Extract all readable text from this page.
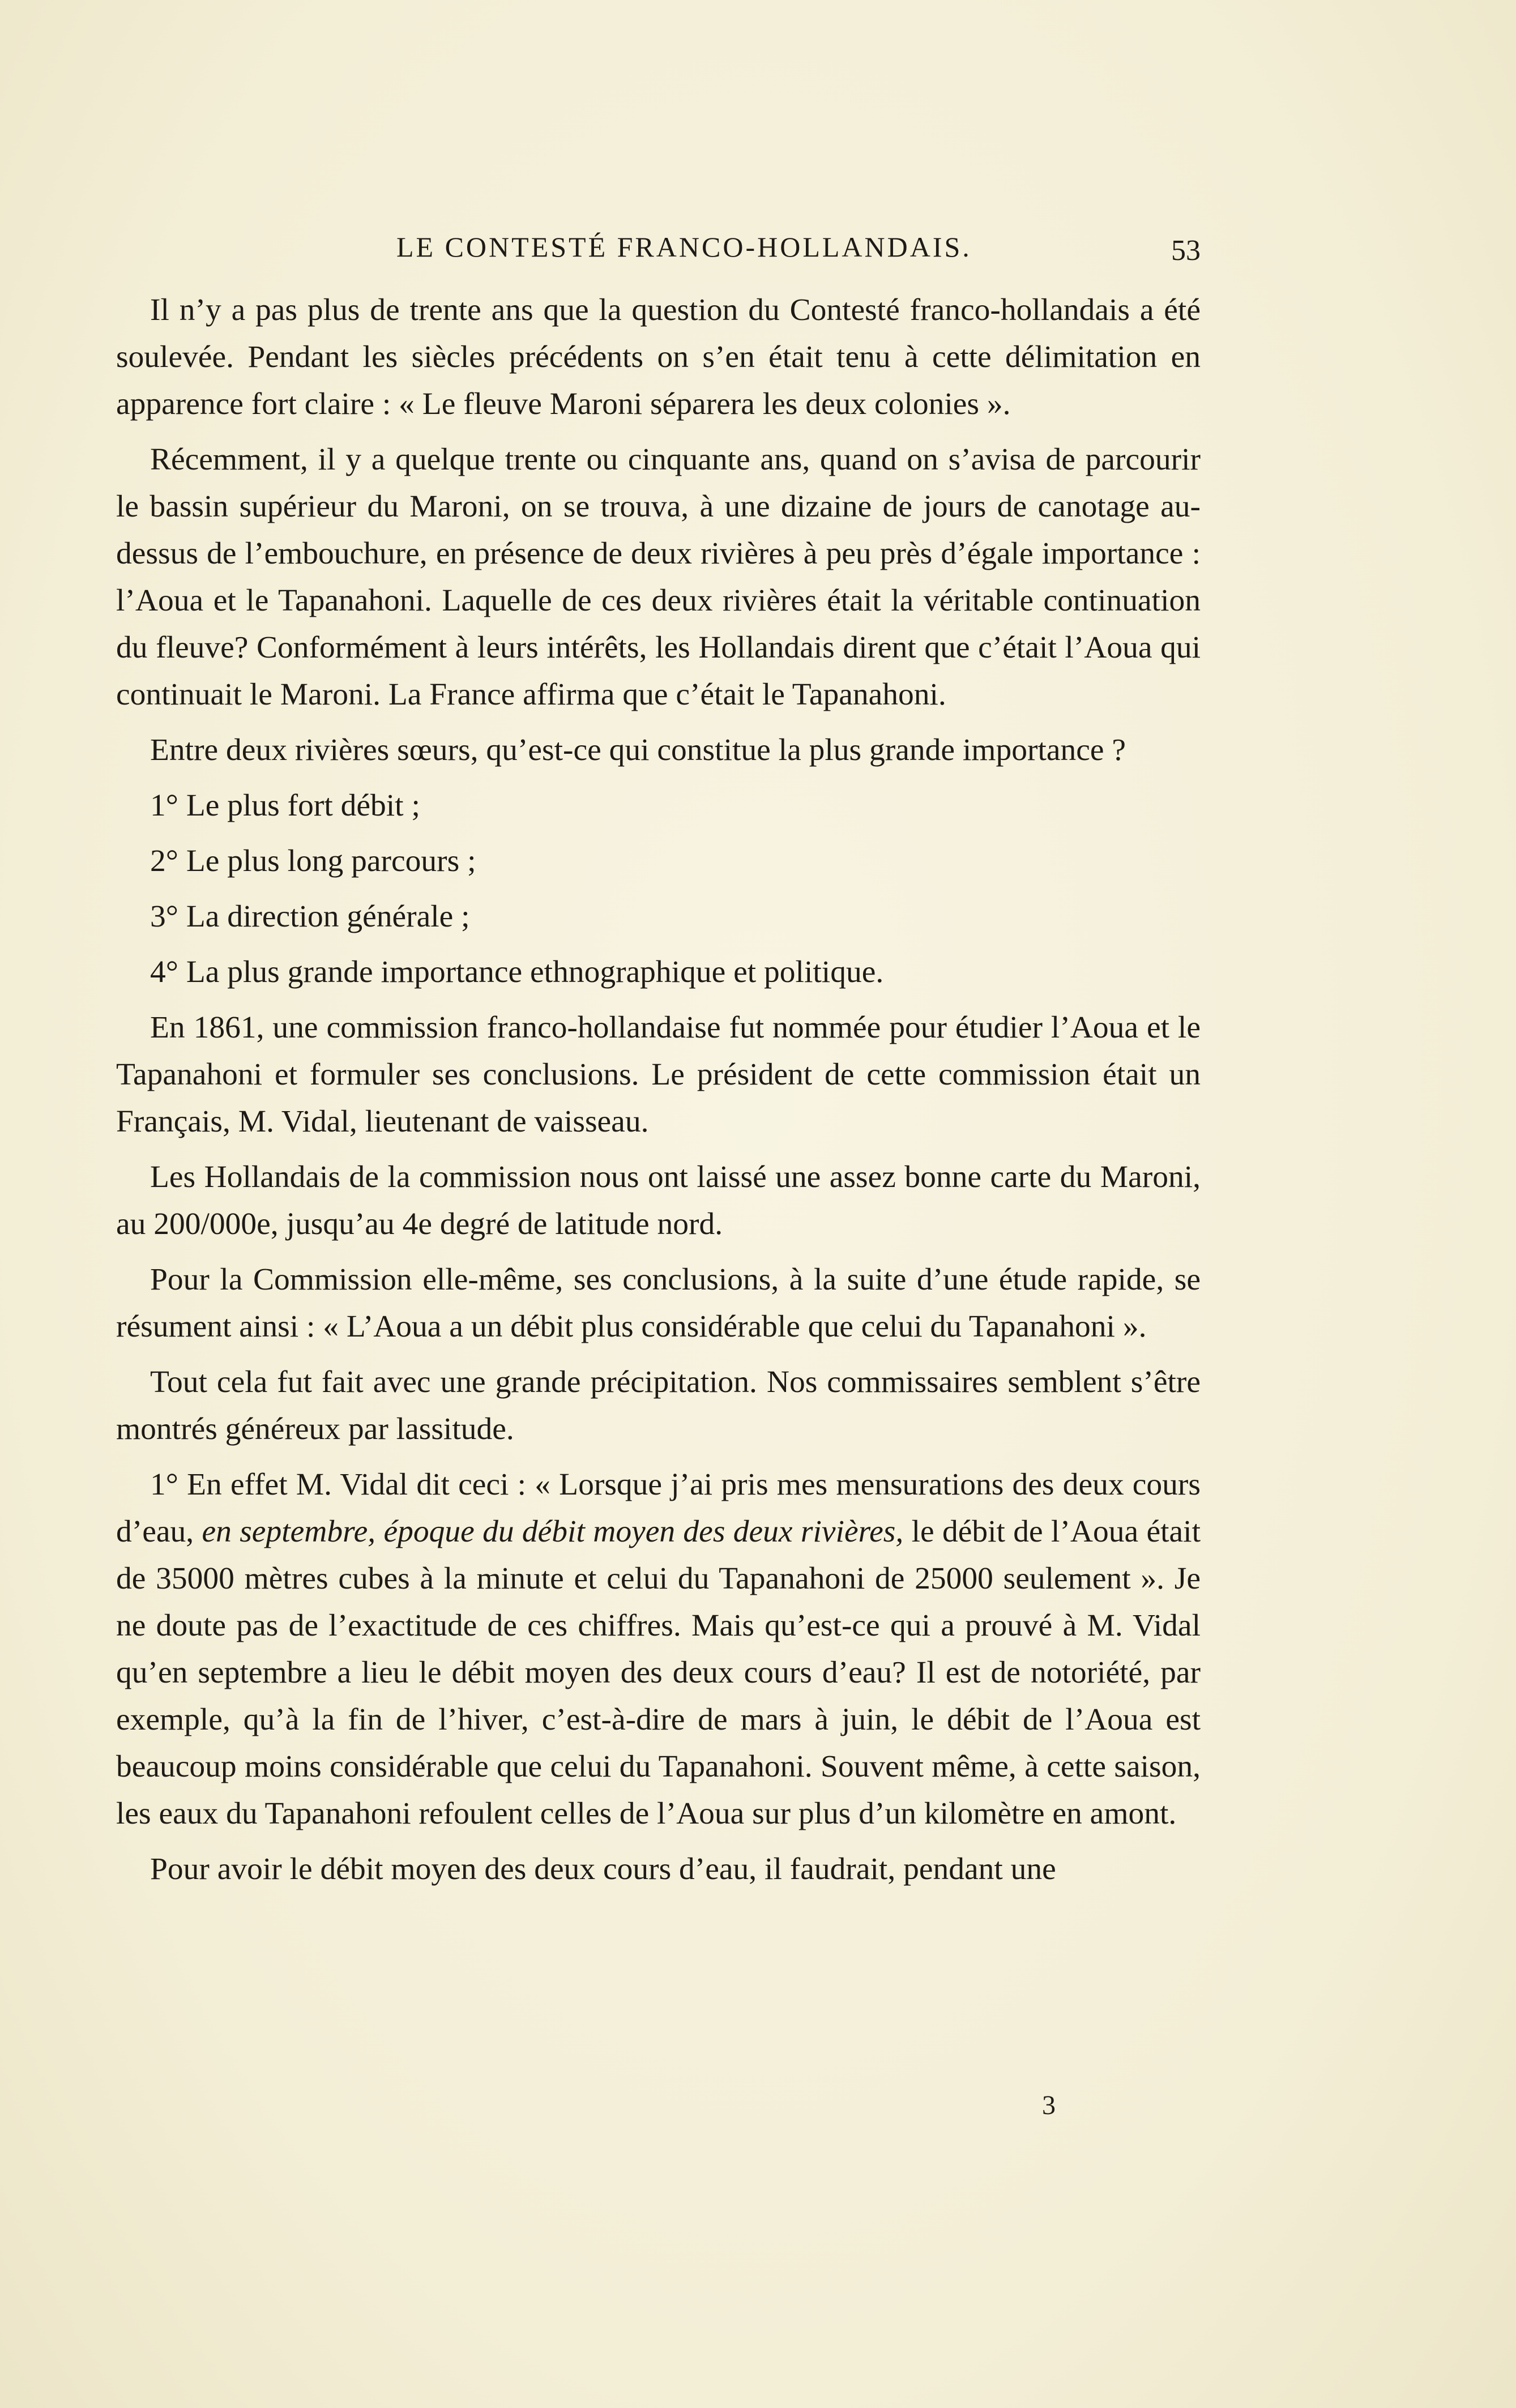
LE CONTESTÉ FRANCO-HOLLANDAIS.	53

Il n’y a pas plus de trente ans que la question du Contesté franco-hollandais a été soulevée. Pendant les siècles précédents on s’en était tenu à cette délimitation en apparence fort claire : « Le fleuve Maroni séparera les deux colonies ».

Récemment, il y a quelque trente ou cinquante ans, quand on s’avisa de parcourir le bassin supérieur du Maroni, on se trouva, à une dizaine de jours de canotage au-dessus de l’embouchure, en présence de deux rivières à peu près d’égale importance : l’Aoua et le Tapanahoni. Laquelle de ces deux rivières était la véritable continuation du fleuve? Conformément à leurs intérêts, les Hollandais dirent que c’était l’Aoua qui continuait le Maroni. La France affirma que c’était le Tapanahoni.

Entre deux rivières sœurs, qu’est-ce qui constitue la plus grande importance ?

1° Le plus fort débit ;
2° Le plus long parcours ;
3° La direction générale ;
4° La plus grande importance ethnographique et politique.

En 1861, une commission franco-hollandaise fut nommée pour étudier l’Aoua et le Tapanahoni et formuler ses conclusions. Le président de cette commission était un Français, M. Vidal, lieutenant de vaisseau.

Les Hollandais de la commission nous ont laissé une assez bonne carte du Maroni, au 200/000e, jusqu’au 4e degré de latitude nord.

Pour la Commission elle-même, ses conclusions, à la suite d’une étude rapide, se résument ainsi : « L’Aoua a un débit plus considérable que celui du Tapanahoni ».

Tout cela fut fait avec une grande précipitation. Nos commissaires semblent s’être montrés généreux par lassitude.

1° En effet M. Vidal dit ceci : « Lorsque j’ai pris mes mensurations des deux cours d’eau, en septembre, époque du débit moyen des deux rivières, le débit de l’Aoua était de 35000 mètres cubes à la minute et celui du Tapanahoni de 25000 seulement ». Je ne doute pas de l’exactitude de ces chiffres. Mais qu’est-ce qui a prouvé à M. Vidal qu’en septembre a lieu le débit moyen des deux cours d’eau? Il est de notoriété, par exemple, qu’à la fin de l’hiver, c’est-à-dire de mars à juin, le débit de l’Aoua est beaucoup moins considérable que celui du Tapanahoni. Souvent même, à cette saison, les eaux du Tapanahoni refoulent celles de l’Aoua sur plus d’un kilomètre en amont.

Pour avoir le débit moyen des deux cours d’eau, il faudrait, pendant une

3
